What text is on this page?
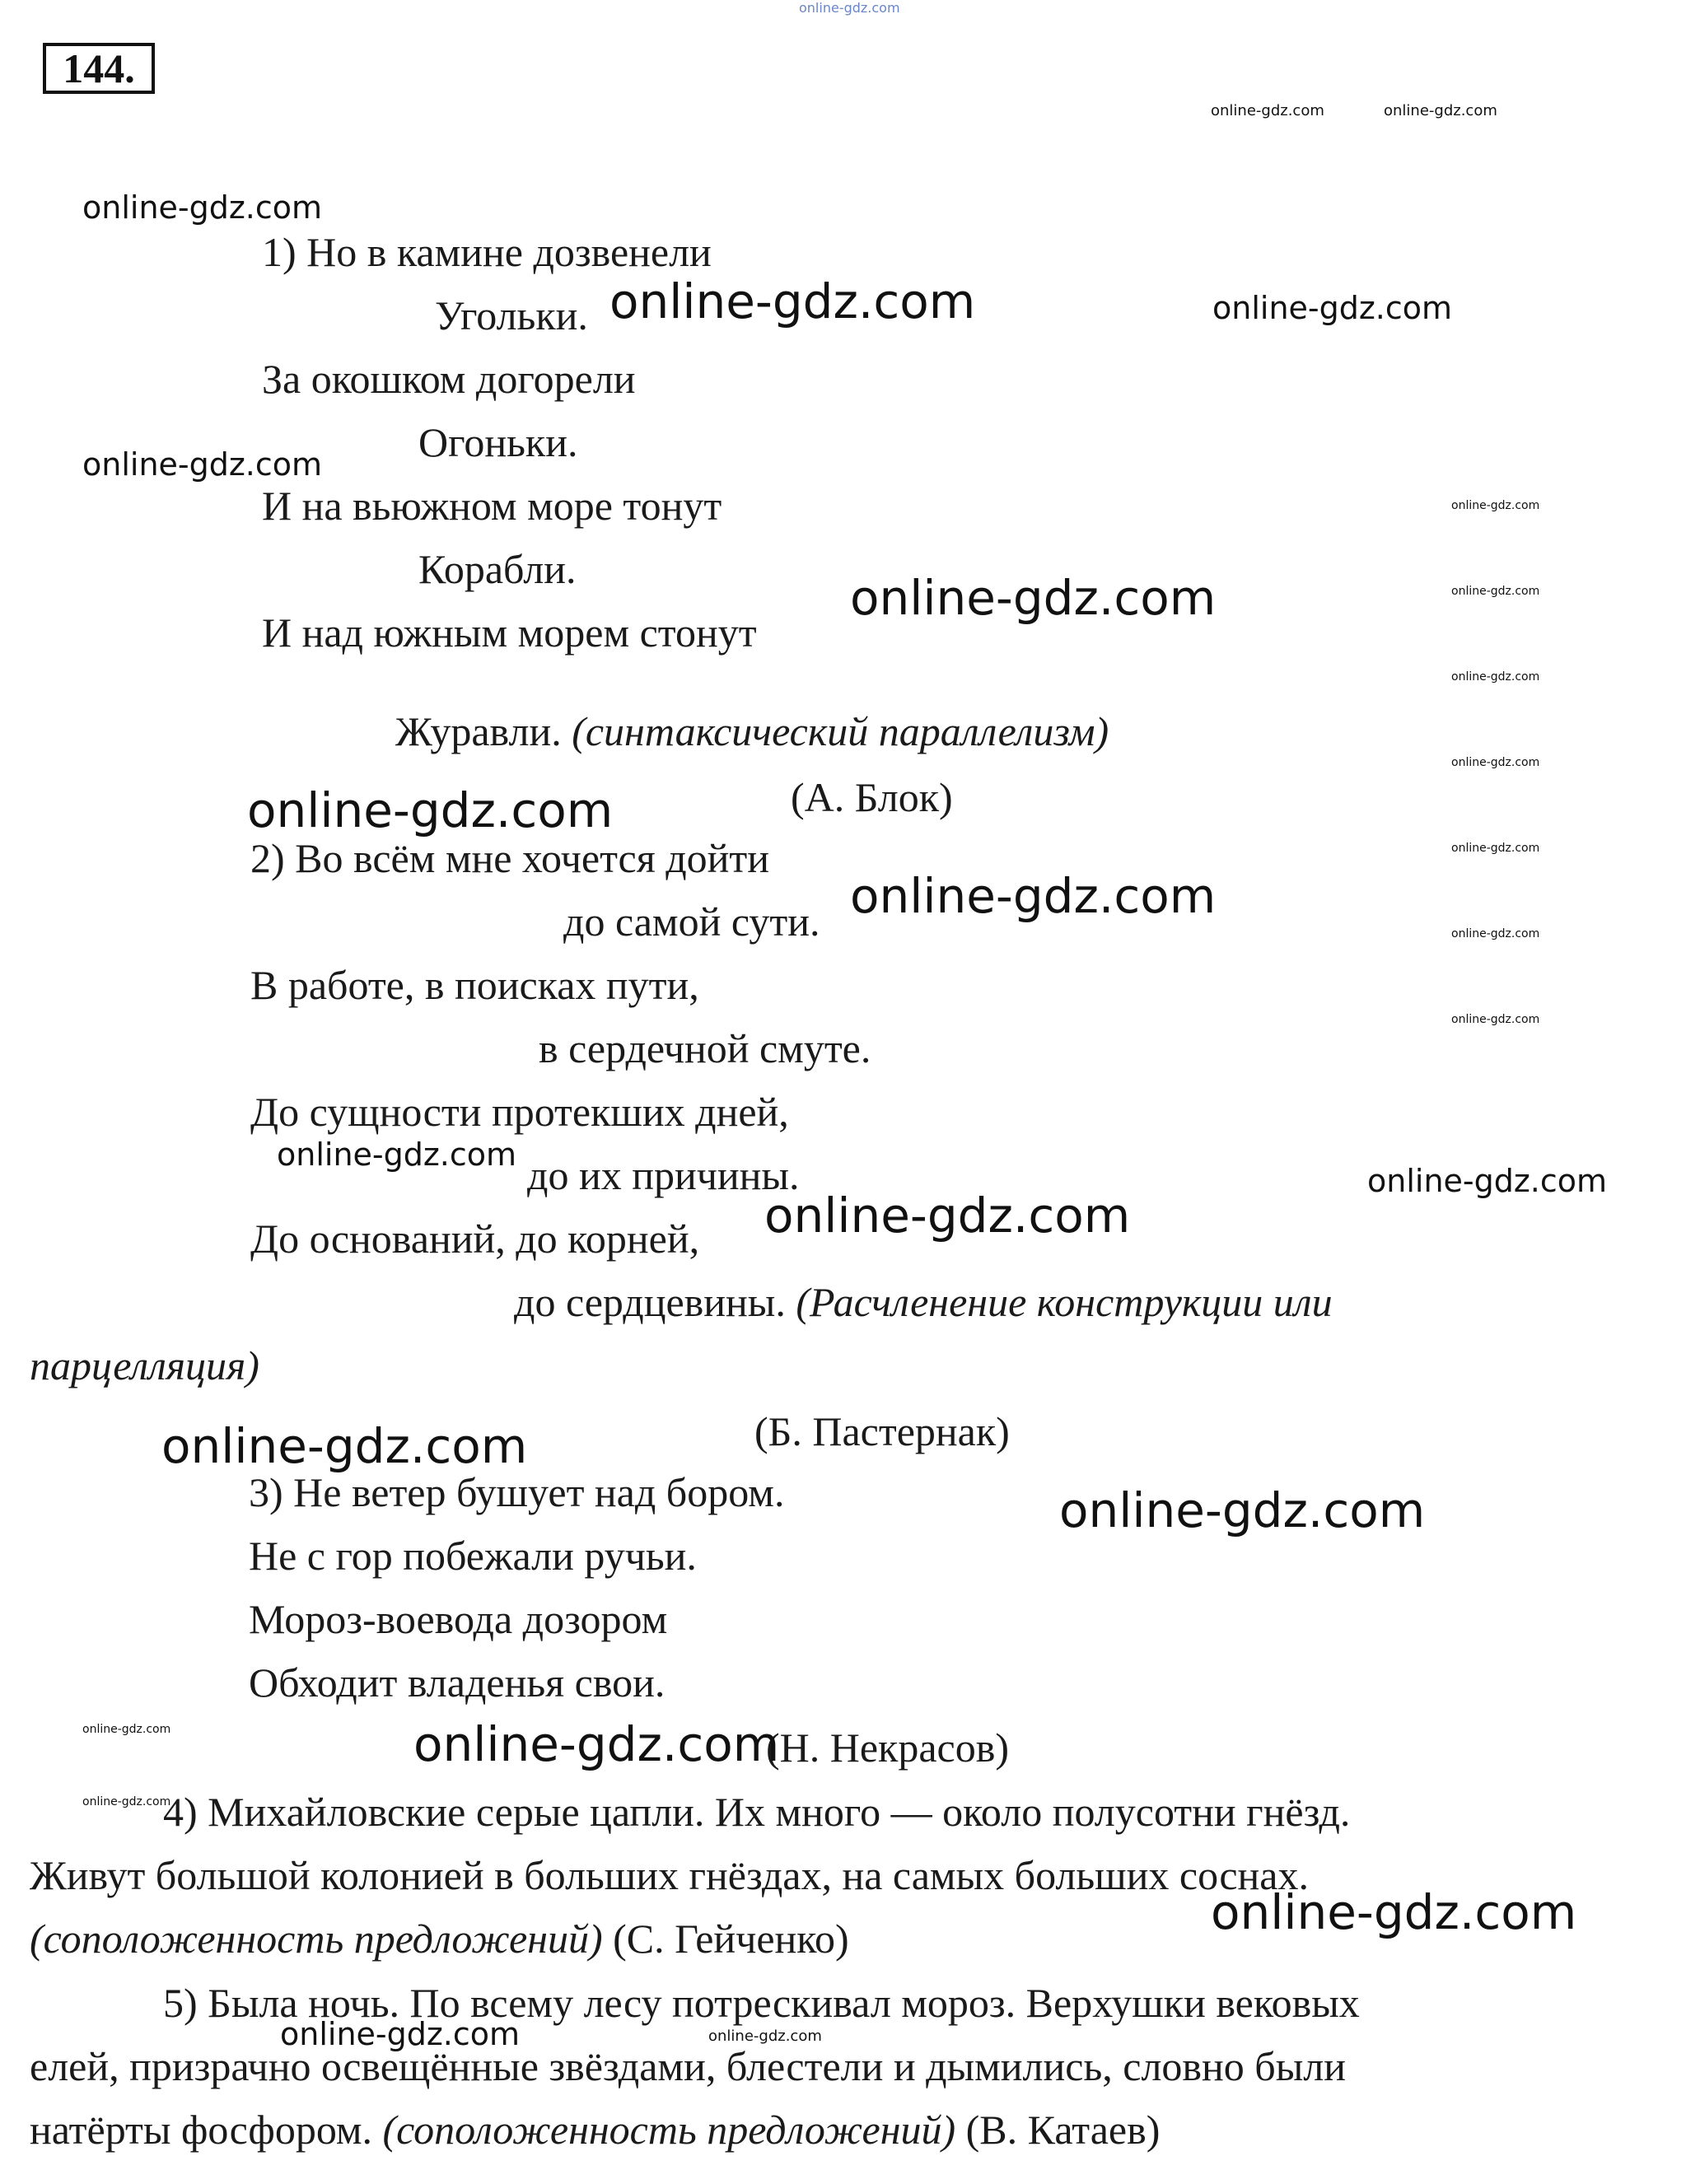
144.
1) Но в камине дозвенели
Угольки.
За окошком догорели
Огоньки.
И на вьюжном море тонут
Корабли.
И над южным морем стонут
Журавли. (синтаксический параллелизм)
(А. Блок)
2) Во всём мне хочется дойти
до самой сути.
В работе, в поисках пути,
в сердечной смуте.
До сущности протекших дней,
до их причины.
До оснований, до корней,
до сердцевины. (Расчленение конструкции или
парцелляция)
(Б. Пастернак)
3) Не ветер бушует над бором.
Не с гор побежали ручьи.
Мороз-воевода дозором
Обходит владенья свои.
(Н. Некрасов)
4) Михайловские серые цапли. Их много — около полусотни гнёзд.
Живут большой колонией в больших гнёздах, на самых больших соснах.
(соположенность предложений) (С. Гейченко)
5) Была ночь. По всему лесу потрескивал мороз. Верхушки вековых
елей, призрачно освещённые звёздами, блестели и дымились, словно были
натёрты фосфором. (соположенность предложений) (В. Катаев)
online-gdz.com
online-gdz.com	online-gdz.com
online-gdz.com
online-gdz.com	online-gdz.com
online-gdz.com
online-gdz.com
online-gdz.com	online-gdz.com
online-gdz.com
online-gdz.com
online-gdz.com
online-gdz.com
online-gdz.com
online-gdz.com
online-gdz.com
online-gdz.com
online-gdz.com
online-gdz.com
online-gdz.com
online-gdz.com
online-gdz.com	online-gdz.com
online-gdz.com
online-gdz.com
online-gdz.com	online-gdz.com
